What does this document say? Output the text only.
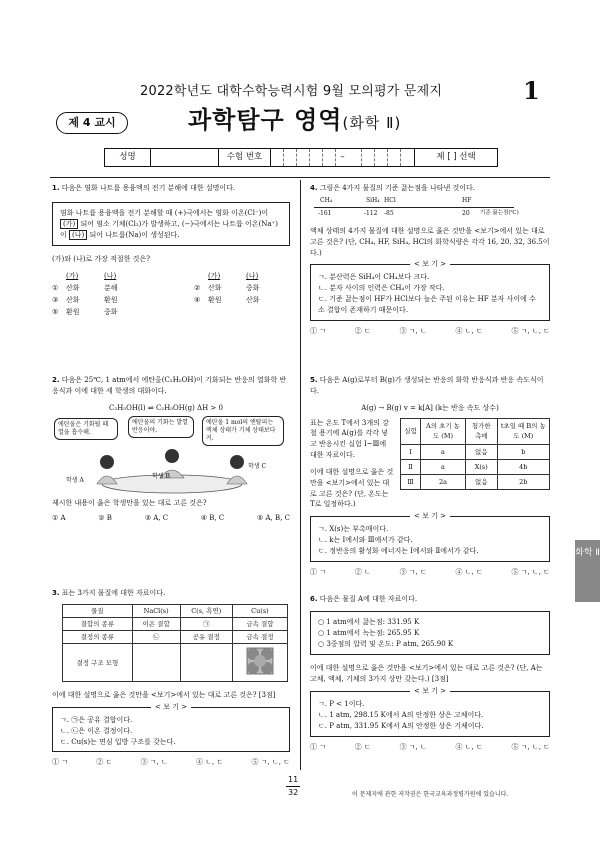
2022학년도 대학수학능력시험 9월 모의평가 문제지	1
제 4 교시	과학탐구 영역(화학 Ⅱ)
성명	수험 번호	–	제 [ ] 선택
1. 다음은 염화 나트륨 용융액의 전기 분해에 대한 설명이다.
염화 나트륨 용융액을 전기 분해할 때 (+)극에서는 염화 이온(Cl⁻)이 (가) 되어 염소 기체(Cl₂)가 발생하고, (−)극에서는 나트륨 이온(Na⁺)이 (나) 되어 나트륨(Na)이 생성된다.
(가)와 (나)로 가장 적절한 것은?
(가)	(나)	(가)	(나)
①	산화	분해	②	산화	중화
③	산화	환원	④	환원	산화
⑤	환원	중화
2. 다음은 25℃, 1 atm에서 에탄올(C₂H₅OH)이 기화되는 반응의 열화학 반응식과 이에 대한 세 학생의 대화이다.
C₂H₅OH(l) ⇌ C₂H₅OH(g) ΔH > 0
에탄올은 기화될 때 열을 흡수해.
에탄올의 기화는 발열 반응이야.
에탄올 1 mol의 엔탈피는 액체 상태가 기체 상태보다 커.
학생 A
학생 B
학생 C
제시한 내용이 옳은 학생만을 있는 대로 고른 것은?
① A	② B	③ A, C	④ B, C	⑤ A, B, C
3. 표는 3가지 물질에 대한 자료이다.
물질	NaCl(s)	C(s, 흑연)	Cu(s)
결합의 종류	이온 결합	㉠	금속 결합
결정의 종류	㉡	공유 결정	금속 결정
결정 구조 모형			
이에 대한 설명으로 옳은 것만을 <보기>에서 있는 대로 고른 것은? [3점]
< 보 기 >
ㄱ. ㉠은 공유 결합이다.
ㄴ. ㉡은 이온 결정이다.
ㄷ. Cu(s)는 면심 입방 구조를 갖는다.
① ㄱ	② ㄷ	③ ㄱ, ㄴ	④ ㄴ, ㄷ	⑤ ㄱ, ㄴ, ㄷ
4. 그림은 4가지 물질의 기준 끓는점을 나타낸 것이다.
CH₄	SiH₄ HCl	HF
-161	-112 -85	20 기준 끓는점(℃)
액체 상태의 4가지 물질에 대한 설명으로 옳은 것만을 <보기>에서 있는 대로 고른 것은? (단, CH₄, HF, SiH₄, HCl의 화학식량은 각각 16, 20, 32, 36.5이다.)
< 보 기 >
ㄱ. 분산력은 SiH₄이 CH₄보다 크다.
ㄴ. 분자 사이의 인력은 CH₄이 가장 작다.
ㄷ. 기준 끓는점이 HF가 HCl보다 높은 주된 이유는 HF 분자 사이에 수소 결합이 존재하기 때문이다.
① ㄱ	② ㄷ	③ ㄱ, ㄴ	④ ㄴ, ㄷ	⑤ ㄱ, ㄴ, ㄷ
5. 다음은 A(g)로부터 B(g)가 생성되는 반응의 화학 반응식과 반응 속도식이다.
A(g) → B(g) v = k[A] (k는 반응 속도 상수)
표는 온도 T에서 3개의 강철 용기에 A(g)를 각각 넣고 반응시킨 실험 Ⅰ~Ⅲ에 대한 자료이다.
이에 대한 설명으로 옳은 것만을 <보기>에서 있는 대로 고른 것은? (단, 온도는 T로 일정하다.)
실험	A의 초기 농도 (M)	첨가한 촉매	t초일 때 B의 농도 (M)
Ⅰ	a	없음	b
Ⅱ	a	X(s)	4b
Ⅲ	2a	없음	2b
< 보 기 >
ㄱ. X(s)는 부촉매이다.
ㄴ. k는 Ⅰ에서와 Ⅲ에서가 같다.
ㄷ. 정반응의 활성화 에너지는 Ⅰ에서와 Ⅱ에서가 같다.
① ㄱ	② ㄴ	③ ㄱ, ㄷ	④ ㄴ, ㄷ	⑤ ㄱ, ㄴ, ㄷ
6. 다음은 물질 A에 대한 자료이다.
○ 1 atm에서 끓는점: 331.95 K
○ 1 atm에서 녹는점: 265.95 K
○ 3중점의 압력 및 온도: P atm, 265.90 K
이에 대한 설명으로 옳은 것만을 <보기>에서 있는 대로 고른 것은? (단, A는 고체, 액체, 기체의 3가지 상만 갖는다.) [3점]
< 보 기 >
ㄱ. P < 1이다.
ㄴ. 1 atm, 298.15 K에서 A의 안정한 상은 고체이다.
ㄷ. P atm, 331.95 K에서 A의 안정한 상은 기체이다.
① ㄱ	② ㄷ	③ ㄱ, ㄴ	④ ㄴ, ㄷ	⑤ ㄱ, ㄴ, ㄷ
화학 Ⅱ
11
32	이 문제지에 관한 저작권은 한국교육과정평가원에 있습니다.
